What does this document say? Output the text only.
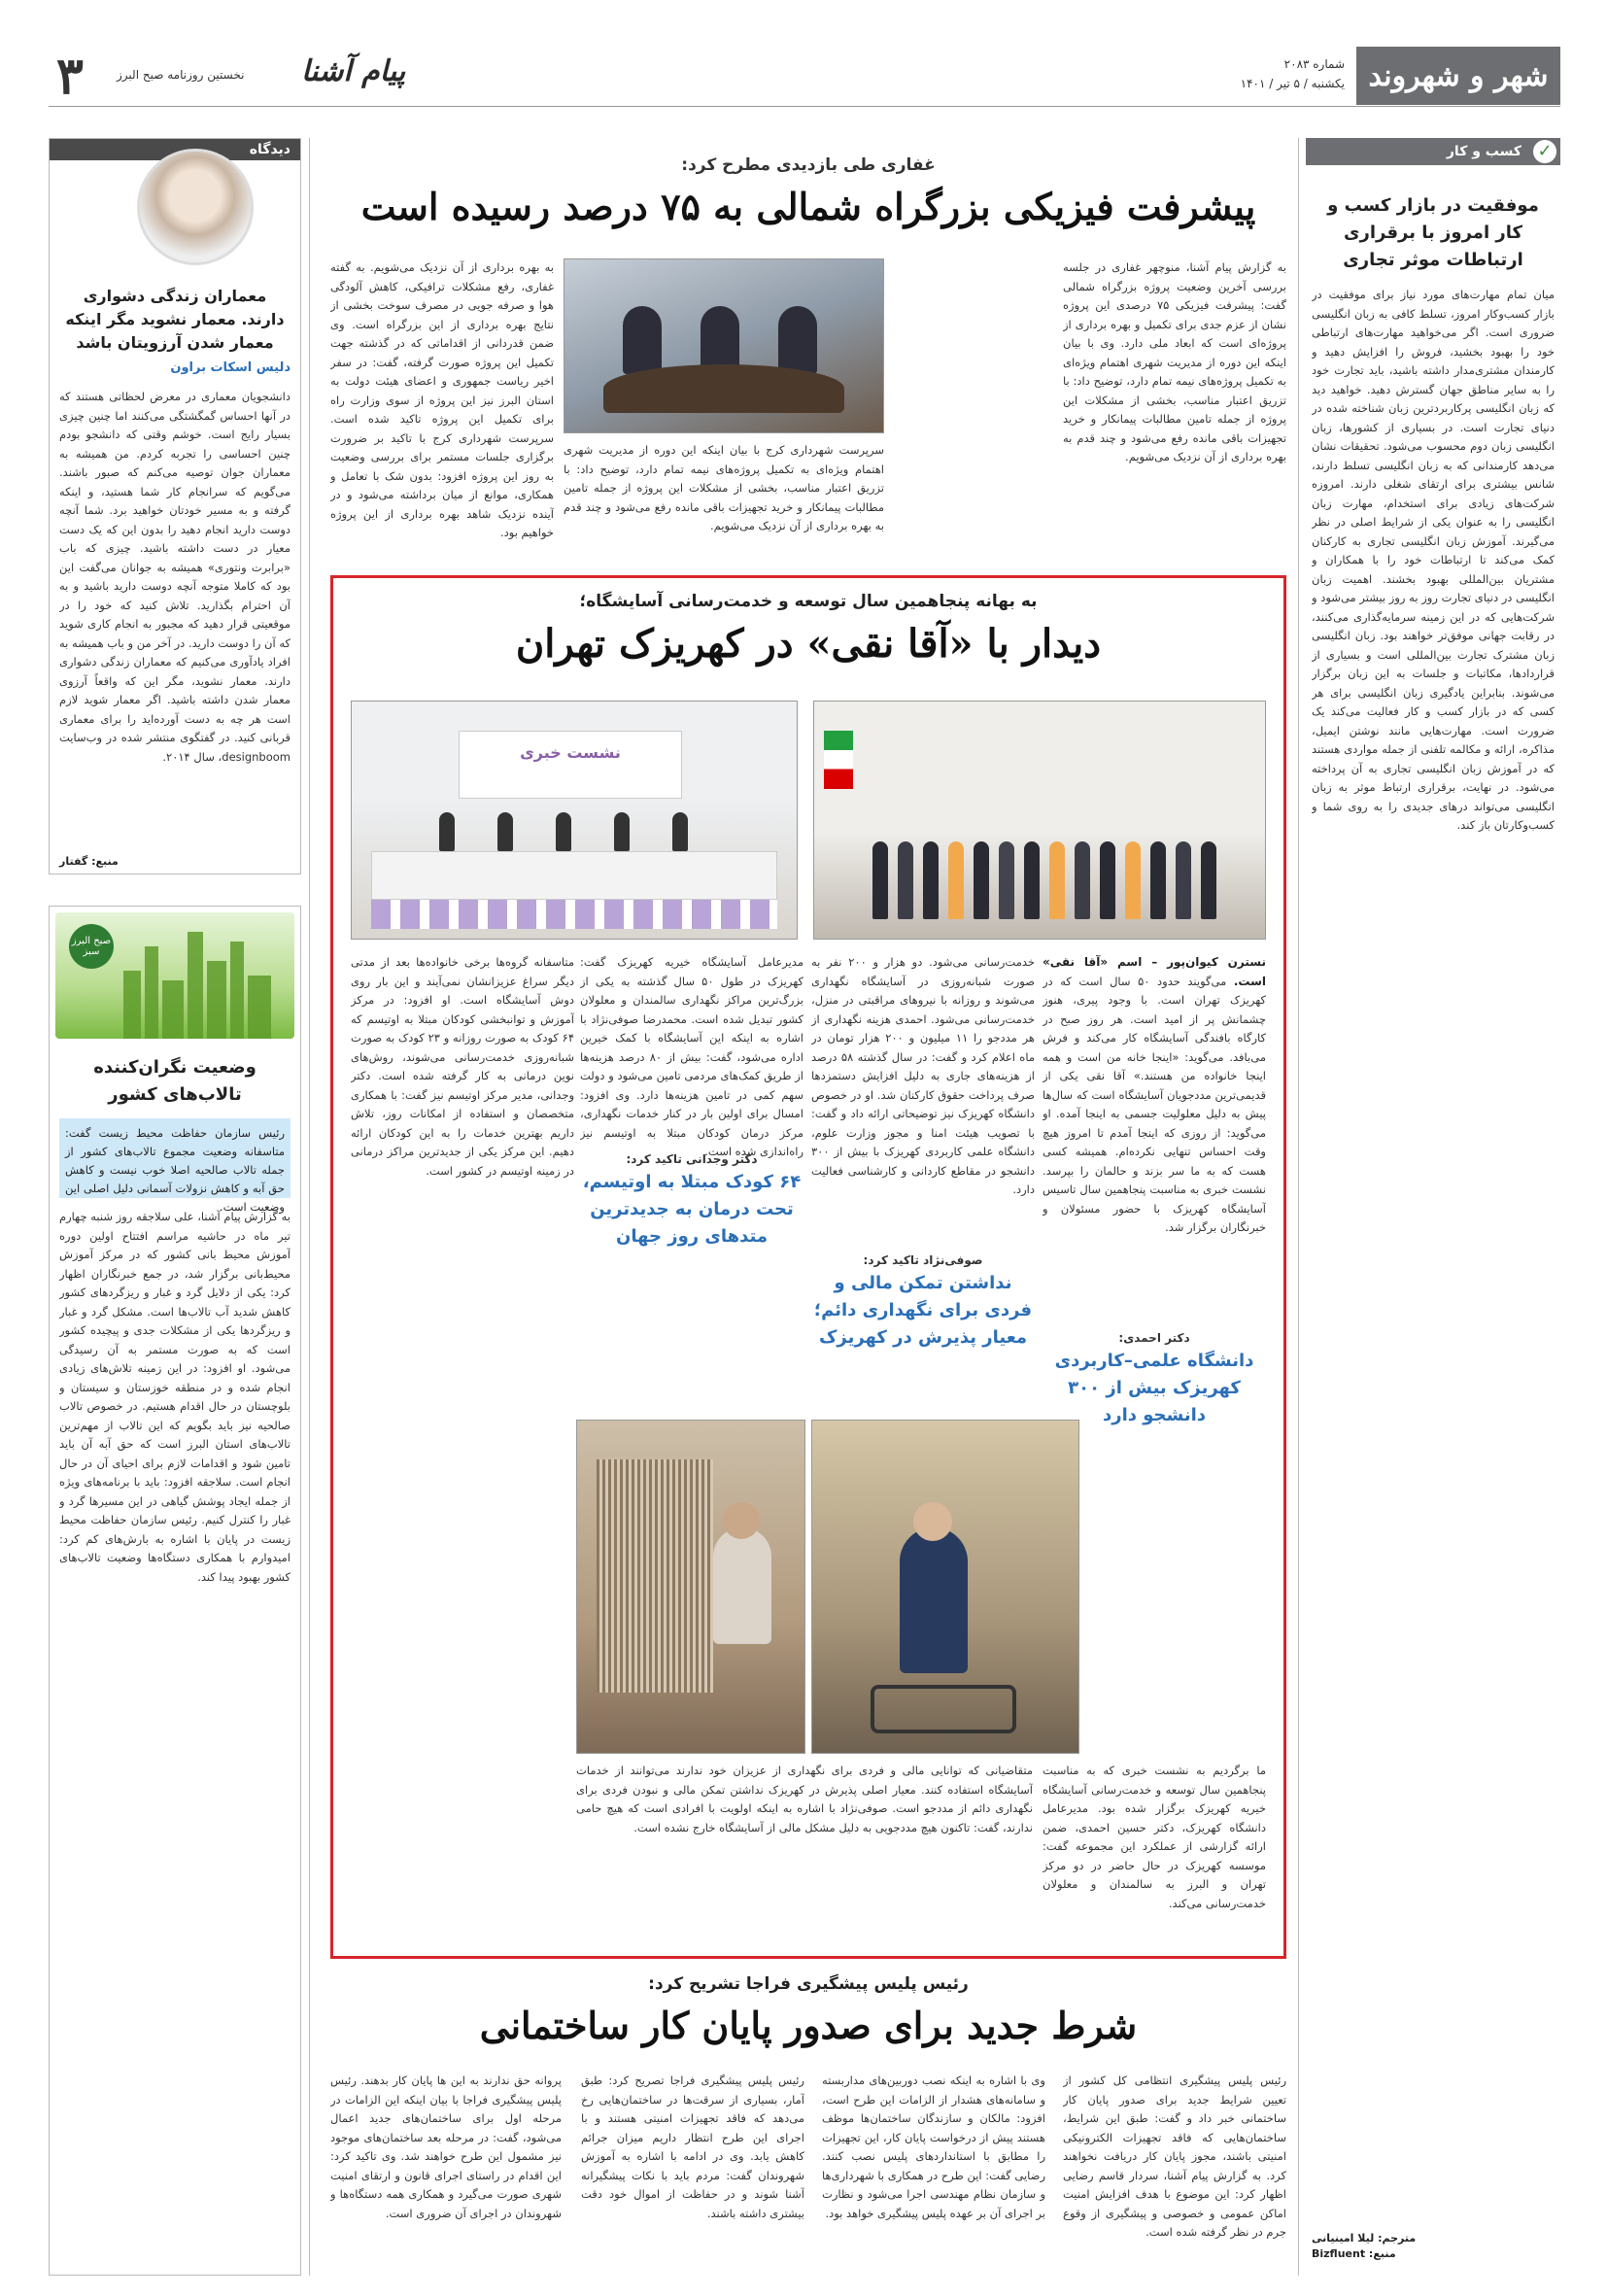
شهر و شهروند
شماره ۲۰۸۳
یکشنبه / ۵ تیر / ۱۴۰۱
نخستین روزنامه صبح البرز پیام آشنا
۳
دیدگاه
معماران زندگی دشواری دارند. معمار نشوید مگر اینکه معمار شدن آرزویتان باشد
دلیس اسکات براون
دانشجویان معماری در معرض لحظاتی هستند که در آنها احساس گمگشتگی می‌کنند اما چنین چیزی بسیار رایج است. خوشم وقتی که دانشجو بودم چنین احساسی را تجربه کردم. من همیشه به معماران جوان توصیه می‌کنم که صبور باشند. می‌گویم که سرانجام کار شما هستید، و اینکه گرفته و به مسیر خودتان خواهید برد. شما آنچه دوست دارید انجام دهید را بدون این که یک دست معیار در دست داشته باشید. چیزی که باب «برابرت ونتوری» همیشه به جوانان می‌گفت این بود که کاملا متوجه آنچه دوست دارید باشید و به آن احترام بگذارید. تلاش کنید که خود را در موقعیتی قرار دهید که مجبور به انجام کاری شوید که آن را دوست دارید. در آخر من و باب همیشه به افراد یادآوری می‌کنیم که معماران زندگی دشواری دارند. معمار نشوید، مگر این که واقعاً آرزوی معمار شدن داشته باشید. اگر معمار شوید لازم است هر چه به دست آورده‌اید را برای معماری قربانی کنید. در گفتگوی منتشر شده در وب‌سایت designboom، سال ۲۰۱۴.
منبع: گفتار
صبح البرز سبز
وضعیت نگران‌کننده تالاب‌های کشور
رئیس سازمان حفاظت محیط زیست گفت: متاسفانه وضعیت مجموع تالاب‌های کشور از جمله تالاب صالحیه اصلا خوب نیست و کاهش حق آبه و کاهش نزولات آسمانی دلیل اصلی این وضعیت است.
به گزارش پیام آشنا، علی سلاجقه روز شنبه چهارم تیر ماه در حاشیه مراسم افتتاح اولین دوره آموزش محیط بانی کشور که در مرکز آموزش محیط‌بانی برگزار شد، در جمع خبرنگاران اظهار کرد: یکی از دلایل گرد و غبار و ریزگردهای کشور کاهش شدید آب تالاب‌ها است. مشکل گرد و غبار و ریزگردها یکی از مشکلات جدی و پیچیده کشور است که به صورت مستمر به آن رسیدگی می‌شود. او افزود: در این زمینه تلاش‌های زیادی انجام شده و در منطقه خوزستان و سیستان و بلوچستان در حال اقدام هستیم. در خصوص تالاب صالحیه نیز باید بگویم که این تالاب از مهم‌ترین تالاب‌های استان البرز است که حق آبه آن باید تامین شود و اقدامات لازم برای احیای آن در حال انجام است. سلاجقه افزود: باید با برنامه‌های ویژه از جمله ایجاد پوشش گیاهی در این مسیرها گرد و غبار را کنترل کنیم. رئیس سازمان حفاظت محیط زیست در پایان با اشاره به بارش‌های کم کرد: امیدوارم با همکاری دستگاه‌ها وضعیت تالاب‌های کشور بهبود پیدا کند.
✓
کسب و کار
موفقیت در بازار کسب‌ و کار امروز با برقراری ارتباطات موثر تجاری
میان تمام مهارت‌های مورد نیاز برای موفقیت در بازار کسب‌وکار امروز، تسلط کافی به زبان انگلیسی ضروری است. اگر می‌خواهید مهارت‌های ارتباطی خود را بهبود بخشید، فروش را افزایش دهید و کارمندان مشتری‌مدار داشته باشید، باید تجارت خود را به سایر مناطق جهان گسترش دهید. خواهید دید که زبان انگلیسی پرکاربردترین زبان شناخته شده در دنیای تجارت است. در بسیاری از کشورها، زبان انگلیسی زبان دوم محسوب می‌شود. تحقیقات نشان می‌دهد کارمندانی که به زبان انگلیسی تسلط دارند، شانس بیشتری برای ارتقای شغلی دارند. امروزه شرکت‌های زیادی برای استخدام، مهارت زبان انگلیسی را به عنوان یکی از شرایط اصلی در نظر می‌گیرند. آموزش زبان انگلیسی تجاری به کارکنان کمک می‌کند تا ارتباطات خود را با همکاران و مشتریان بین‌المللی بهبود بخشند. اهمیت زبان انگلیسی در دنیای تجارت روز به روز بیشتر می‌شود و شرکت‌هایی که در این زمینه سرمایه‌گذاری می‌کنند، در رقابت جهانی موفق‌تر خواهند بود. زبان انگلیسی زبان مشترک تجارت بین‌المللی است و بسیاری از قراردادها، مکاتبات و جلسات به این زبان برگزار می‌شوند. بنابراین یادگیری زبان انگلیسی برای هر کسی که در بازار کسب‌ و کار فعالیت می‌کند یک ضرورت است. مهارت‌هایی مانند نوشتن ایمیل، مذاکره، ارائه و مکالمه تلفنی از جمله مواردی هستند که در آموزش زبان انگلیسی تجاری به آن پرداخته می‌شود. در نهایت، برقراری ارتباط موثر به زبان انگلیسی می‌تواند درهای جدیدی را به روی شما و کسب‌وکارتان باز کند.
مترجم: لیلا امینیانی
منبع: Bizfluent
غفاری طی بازدیدی مطرح کرد:
پیشرفت فیزیکی بزرگراه شمالی به ۷۵ درصد رسیده است
به گزارش پیام آشنا، منوچهر غفاری در جلسه بررسی آخرین وضعیت پروژه بزرگراه شمالی گفت: پیشرفت فیزیکی ۷۵ درصدی این پروژه نشان از عزم جدی برای تکمیل و بهره برداری از پروژه‌ای است که ابعاد ملی دارد. وی با بیان اینکه این دوره از مدیریت شهری اهتمام ویژه‌ای به تکمیل پروژه‌های نیمه تمام دارد، توضیح داد: با تزریق اعتبار مناسب، بخشی از مشکلات این پروژه از جمله تامین مطالبات پیمانکار و خرید تجهیزات باقی مانده رفع می‌شود و چند قدم به بهره برداری از آن نزدیک می‌شویم.
سرپرست شهرداری کرج با بیان اینکه این دوره از مدیریت شهری اهتمام ویژه‌ای به تکمیل پروژه‌های نیمه تمام دارد، توضیح داد: با تزریق اعتبار مناسب، بخشی از مشکلات این پروژه از جمله تامین مطالبات پیمانکار و خرید تجهیزات باقی مانده رفع می‌شود و چند قدم به بهره برداری از آن نزدیک می‌شویم.
به بهره برداری از آن نزدیک می‌شویم. به گفته غفاری، رفع مشکلات ترافیکی، کاهش آلودگی هوا و صرفه جویی در مصرف سوخت بخشی از نتایج بهره برداری از این بزرگراه است. وی ضمن قدردانی از اقداماتی که در گذشته جهت تکمیل این پروژه صورت گرفته، گفت: در سفر اخیر ریاست جمهوری و اعضای هیئت دولت به استان البرز نیز این پروژه از سوی وزارت راه برای تکمیل این پروژه تاکید شده است. سرپرست شهرداری کرج با تاکید بر ضرورت برگزاری جلسات مستمر برای بررسی وضعیت به روز این پروژه افزود: بدون شک با تعامل و همکاری، موانع از میان برداشته می‌شود و در آینده نزدیک شاهد بهره برداری از این پروژه خواهیم بود.
به بهانه پنجاهمین سال توسعه و خدمت‌رسانی آسایشگاه؛
دیدار با «آقا نقی» در کهریزک تهران
نشست خبری
نسترن کیوان‌پور – اسم «آقا نقی» است. می‌گویند حدود ۵۰ سال است که در کهریزک تهران است. با وجود پیری، هنوز چشمانش پر از امید است. هر روز صبح در کارگاه بافندگی آسایشگاه کار می‌کند و فرش می‌بافد. می‌گوید: «اینجا خانه من است و همه اینجا خانواده من هستند.» آقا نقی یکی از قدیمی‌ترین مددجویان آسایشگاه است که سال‌ها پیش به دلیل معلولیت جسمی به اینجا آمده. او می‌گوید: از روزی که اینجا آمدم تا امروز هیچ وقت احساس تنهایی نکرده‌ام. همیشه کسی هست که به ما سر بزند و حالمان را بپرسد. نشست خبری به مناسبت پنجاهمین سال تاسیس آسایشگاه کهریزک با حضور مسئولان و خبرنگاران برگزار شد.
خدمت‌رسانی می‌شود. دو هزار و ۲۰۰ نفر به صورت شبانه‌روزی در آسایشگاه نگهداری می‌شوند و روزانه با نیروهای مراقبتی در منزل، خدمت‌رسانی می‌شود. احمدی هزینه نگهداری از هر مددجو را ۱۱ میلیون و ۲۰۰ هزار تومان در ماه اعلام کرد و گفت: در سال گذشته ۵۸ درصد از هزینه‌های جاری به دلیل افزایش دستمزدها صرف پرداخت حقوق کارکنان شد. او در خصوص دانشگاه کهریزک نیز توضیحاتی ارائه داد و گفت: با تصویب هیئت امنا و مجوز وزارت علوم، دانشگاه علمی کاربردی کهریزک با بیش از ۳۰۰ دانشجو در مقاطع کاردانی و کارشناسی فعالیت دارد.
مدیرعامل آسایشگاه خیریه کهریزک گفت: کهریزک در طول ۵۰ سال گذشته به یکی از بزرگ‌ترین مراکز نگهداری سالمندان و معلولان کشور تبدیل شده است. محمدرضا صوفی‌نژاد با اشاره به اینکه این آسایشگاه با کمک خیرین اداره می‌شود، گفت: بیش از ۸۰ درصد هزینه‌ها از طریق کمک‌های مردمی تامین می‌شود و دولت سهم کمی در تامین هزینه‌ها دارد. وی افزود: امسال برای اولین بار در کنار خدمات نگهداری، مرکز درمان کودکان مبتلا به اوتیسم نیز راه‌اندازی شده است.
متاسفانه گروه‌ها برخی خانواده‌ها بعد از مدتی دیگر سراغ عزیزانشان نمی‌آیند و این بار روی دوش آسایشگاه است. او افزود: در مرکز آموزش و توانبخشی کودکان مبتلا به اوتیسم که ۶۴ کودک به صورت روزانه و ۲۳ کودک به صورت شبانه‌روزی خدمت‌رسانی می‌شوند، روش‌های نوین درمانی به کار گرفته شده است. دکتر وجدانی، مدیر مرکز اوتیسم نیز گفت: با همکاری متخصصان و استفاده از امکانات روز، تلاش داریم بهترین خدمات را به این کودکان ارائه دهیم. این مرکز یکی از جدیدترین مراکز درمانی در زمینه اوتیسم در کشور است.
دکتر احمدی:
دانشگاه علمی–کاربردی کهریزک بیش از ۳۰۰ دانشجو دارد
صوفی‌نژاد تاکید کرد:
نداشتن تمکن مالی و فردی برای نگهداری دائم؛ معیار پذیرش در کهریزک
دکتر وجدانی تاکید کرد:
۶۴ کودک مبتلا به اوتیسم، تحت درمان به جدیدترین متدهای روز جهان
ما برگردیم به نشست خبری که به مناسبت پنجاهمین سال توسعه و خدمت‌رسانی آسایشگاه خیریه کهریزک برگزار شده بود. مدیرعامل دانشگاه کهریزک، دکتر حسین احمدی، ضمن ارائه گزارشی از عملکرد این مجموعه گفت: موسسه کهریزک در حال حاضر در دو مرکز تهران و البرز به سالمندان و معلولان خدمت‌رسانی می‌کند.
متقاضیانی که توانایی مالی و فردی برای نگهداری از عزیزان خود ندارند می‌توانند از خدمات آسایشگاه استفاده کنند. معیار اصلی پذیرش در کهریزک نداشتن تمکن مالی و نبودن فردی برای نگهداری دائم از مددجو است. صوفی‌نژاد با اشاره به اینکه اولویت با افرادی است که هیچ حامی ندارند، گفت: تاکنون هیچ مددجویی به دلیل مشکل مالی از آسایشگاه خارج نشده است.
رئیس پلیس پیشگیری فراجا تشریح کرد:
شرط جدید برای صدور پایان کار ساختمانی
رئیس پلیس پیشگیری انتظامی کل کشور از تعیین شرایط جدید برای صدور پایان کار ساختمانی خبر داد و گفت: طبق این شرایط، ساختمان‌هایی که فاقد تجهیزات الکترونیکی امنیتی باشند، مجوز پایان کار دریافت نخواهند کرد. به گزارش پیام آشنا، سردار قاسم رضایی اظهار کرد: این موضوع با هدف افزایش امنیت اماکن عمومی و خصوصی و پیشگیری از وقوع جرم در نظر گرفته شده است.
وی با اشاره به اینکه نصب دوربین‌های مداربسته و سامانه‌های هشدار از الزامات این طرح است، افزود: مالکان و سازندگان ساختمان‌ها موظف هستند پیش از درخواست پایان کار، این تجهیزات را مطابق با استانداردهای پلیس نصب کنند. رضایی گفت: این طرح در همکاری با شهرداری‌ها و سازمان نظام مهندسی اجرا می‌شود و نظارت بر اجرای آن بر عهده پلیس پیشگیری خواهد بود.
رئیس پلیس پیشگیری فراجا تصریح کرد: طبق آمار، بسیاری از سرقت‌ها در ساختمان‌هایی رخ می‌دهد که فاقد تجهیزات امنیتی هستند و با اجرای این طرح انتظار داریم میزان جرائم کاهش یابد. وی در ادامه با اشاره به آموزش شهروندان گفت: مردم باید با نکات پیشگیرانه آشنا شوند و در حفاظت از اموال خود دقت بیشتری داشته باشند.
پروانه حق ندارند به این ها پایان کار بدهند. رئیس پلیس پیشگیری فراجا با بیان اینکه این الزامات در مرحله اول برای ساختمان‌های جدید اعمال می‌شود، گفت: در مرحله بعد ساختمان‌های موجود نیز مشمول این طرح خواهند شد. وی تاکید کرد: این اقدام در راستای اجرای قانون و ارتقای امنیت شهری صورت می‌گیرد و همکاری همه دستگاه‌ها و شهروندان در اجرای آن ضروری است.
